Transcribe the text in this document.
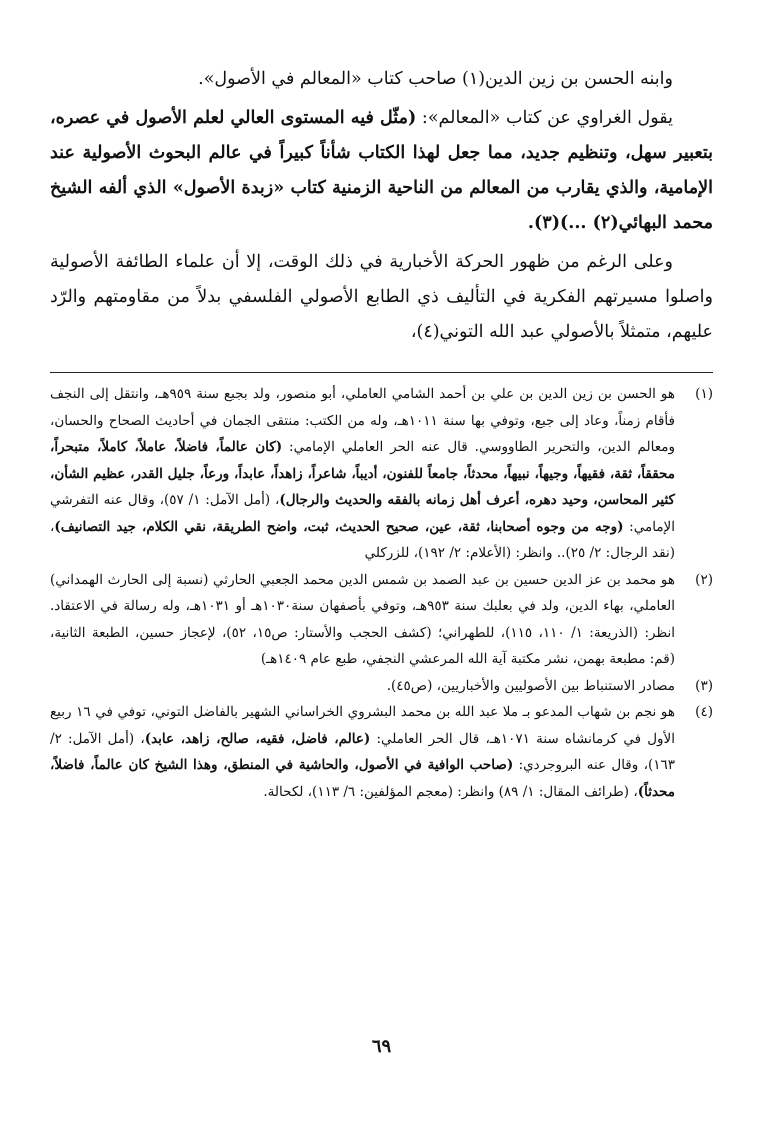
وابنه الحسن بن زين الدين(١) صاحب كتاب «المعالم في الأصول».

يقول الغراوي عن كتاب «المعالم»: (مثّل فيه المستوى العالي لعلم الأصول في عصره، بتعبير سهل، وتنظيم جديد، مما جعل لهذا الكتاب شأناً كبيراً في عالم البحوث الأصولية عند الإمامية، والذي يقارب من المعالم من الناحية الزمنية كتاب «زبدة الأصول» الذي ألفه الشيخ محمد البهائي(٢) ...)(٣).

وعلى الرغم من ظهور الحركة الأخبارية في ذلك الوقت، إلا أن علماء الطائفة الأصولية واصلوا مسيرتهم الفكرية في التأليف ذي الطابع الأصولي الفلسفي بدلاً من مقاومتهم والرّد عليهم، متمثلاً بالأصولي عبد الله التوني(٤)،

(١)
هو الحسن بن زين الدين بن علي بن أحمد الشامي العاملي، أبو منصور، ولد بجبع سنة ٩٥٩هـ، وانتقل إلى النجف فأقام زمناً، وعاد إلى جبع، وتوفي بها سنة ١٠١١هـ، وله من الكتب: منتقى الجمان في أحاديث الصحاح والحسان، ومعالم الدين، والتحرير الطاووسي. قال عنه الحر العاملي الإمامي: (كان عالماً، فاضلاً، عاملاً، كاملاً، متبحراً، محققاً، ثقة، فقيهاً، وجيهاً، نبيهاً، محدثاً، جامعاً للفنون، أديباً، شاعراً، زاهداً، عابداً، ورعاً، جليل القدر، عظيم الشأن، كثير المحاسن، وحيد دهره، أعرف أهل زمانه بالفقه والحديث والرجال)، (أمل الآمل: ١/ ٥٧)، وقال عنه التفرشي الإمامي: (وجه من وجوه أصحابنا، ثقة، عين، صحيح الحديث، ثبت، واضح الطريقة، نقي الكلام، جيد التصانيف)، (نقد الرجال: ٢/ ٢٥).. وانظر: (الأعلام: ٢/ ١٩٢)، للزركلي
(٢)
هو محمد بن عز الدين حسين بن عبد الصمد بن شمس الدين محمد الجعبي الحارثي (نسبة إلى الحارث الهمداني) العاملي، بهاء الدين، ولد في بعلبك سنة ٩٥٣هـ، وتوفي بأصفهان سنة١٠٣٠هـ أو ١٠٣١هـ، وله رسالة في الاعتقاد. انظر: (الذريعة: ١/ ١١٠، ١١٥)، للطهراني؛ (كشف الحجب والأستار: ص١٥، ٥٢)، لإعجاز حسين، الطبعة الثانية، (قم: مطبعة بهمن، نشر مكتبة آية الله المرعشي النجفي، طبع عام ١٤٠٩هـ)
(٣)
مصادر الاستنباط بين الأصوليين والأخباريين، (ص٤٥).
(٤)
هو نجم بن شهاب المدعو بـ ملا عبد الله بن محمد البشروي الخراساني الشهير بالفاضل التوني، توفي في ١٦ ربيع الأول في كرمانشاه سنة ١٠٧١هـ، قال الحر العاملي: (عالم، فاضل، فقيه، صالح، زاهد، عابد)، (أمل الآمل: ٢/ ١٦٣)، وقال عنه البروجردي: (صاحب الوافية في الأصول، والحاشية في المنطق، وهذا الشيخ كان عالماً، فاضلاً، محدثاً)، (طرائف المقال: ١/ ٨٩) وانظر: (معجم المؤلفين: ٦/ ١١٣)، لكحالة.
٦٩
